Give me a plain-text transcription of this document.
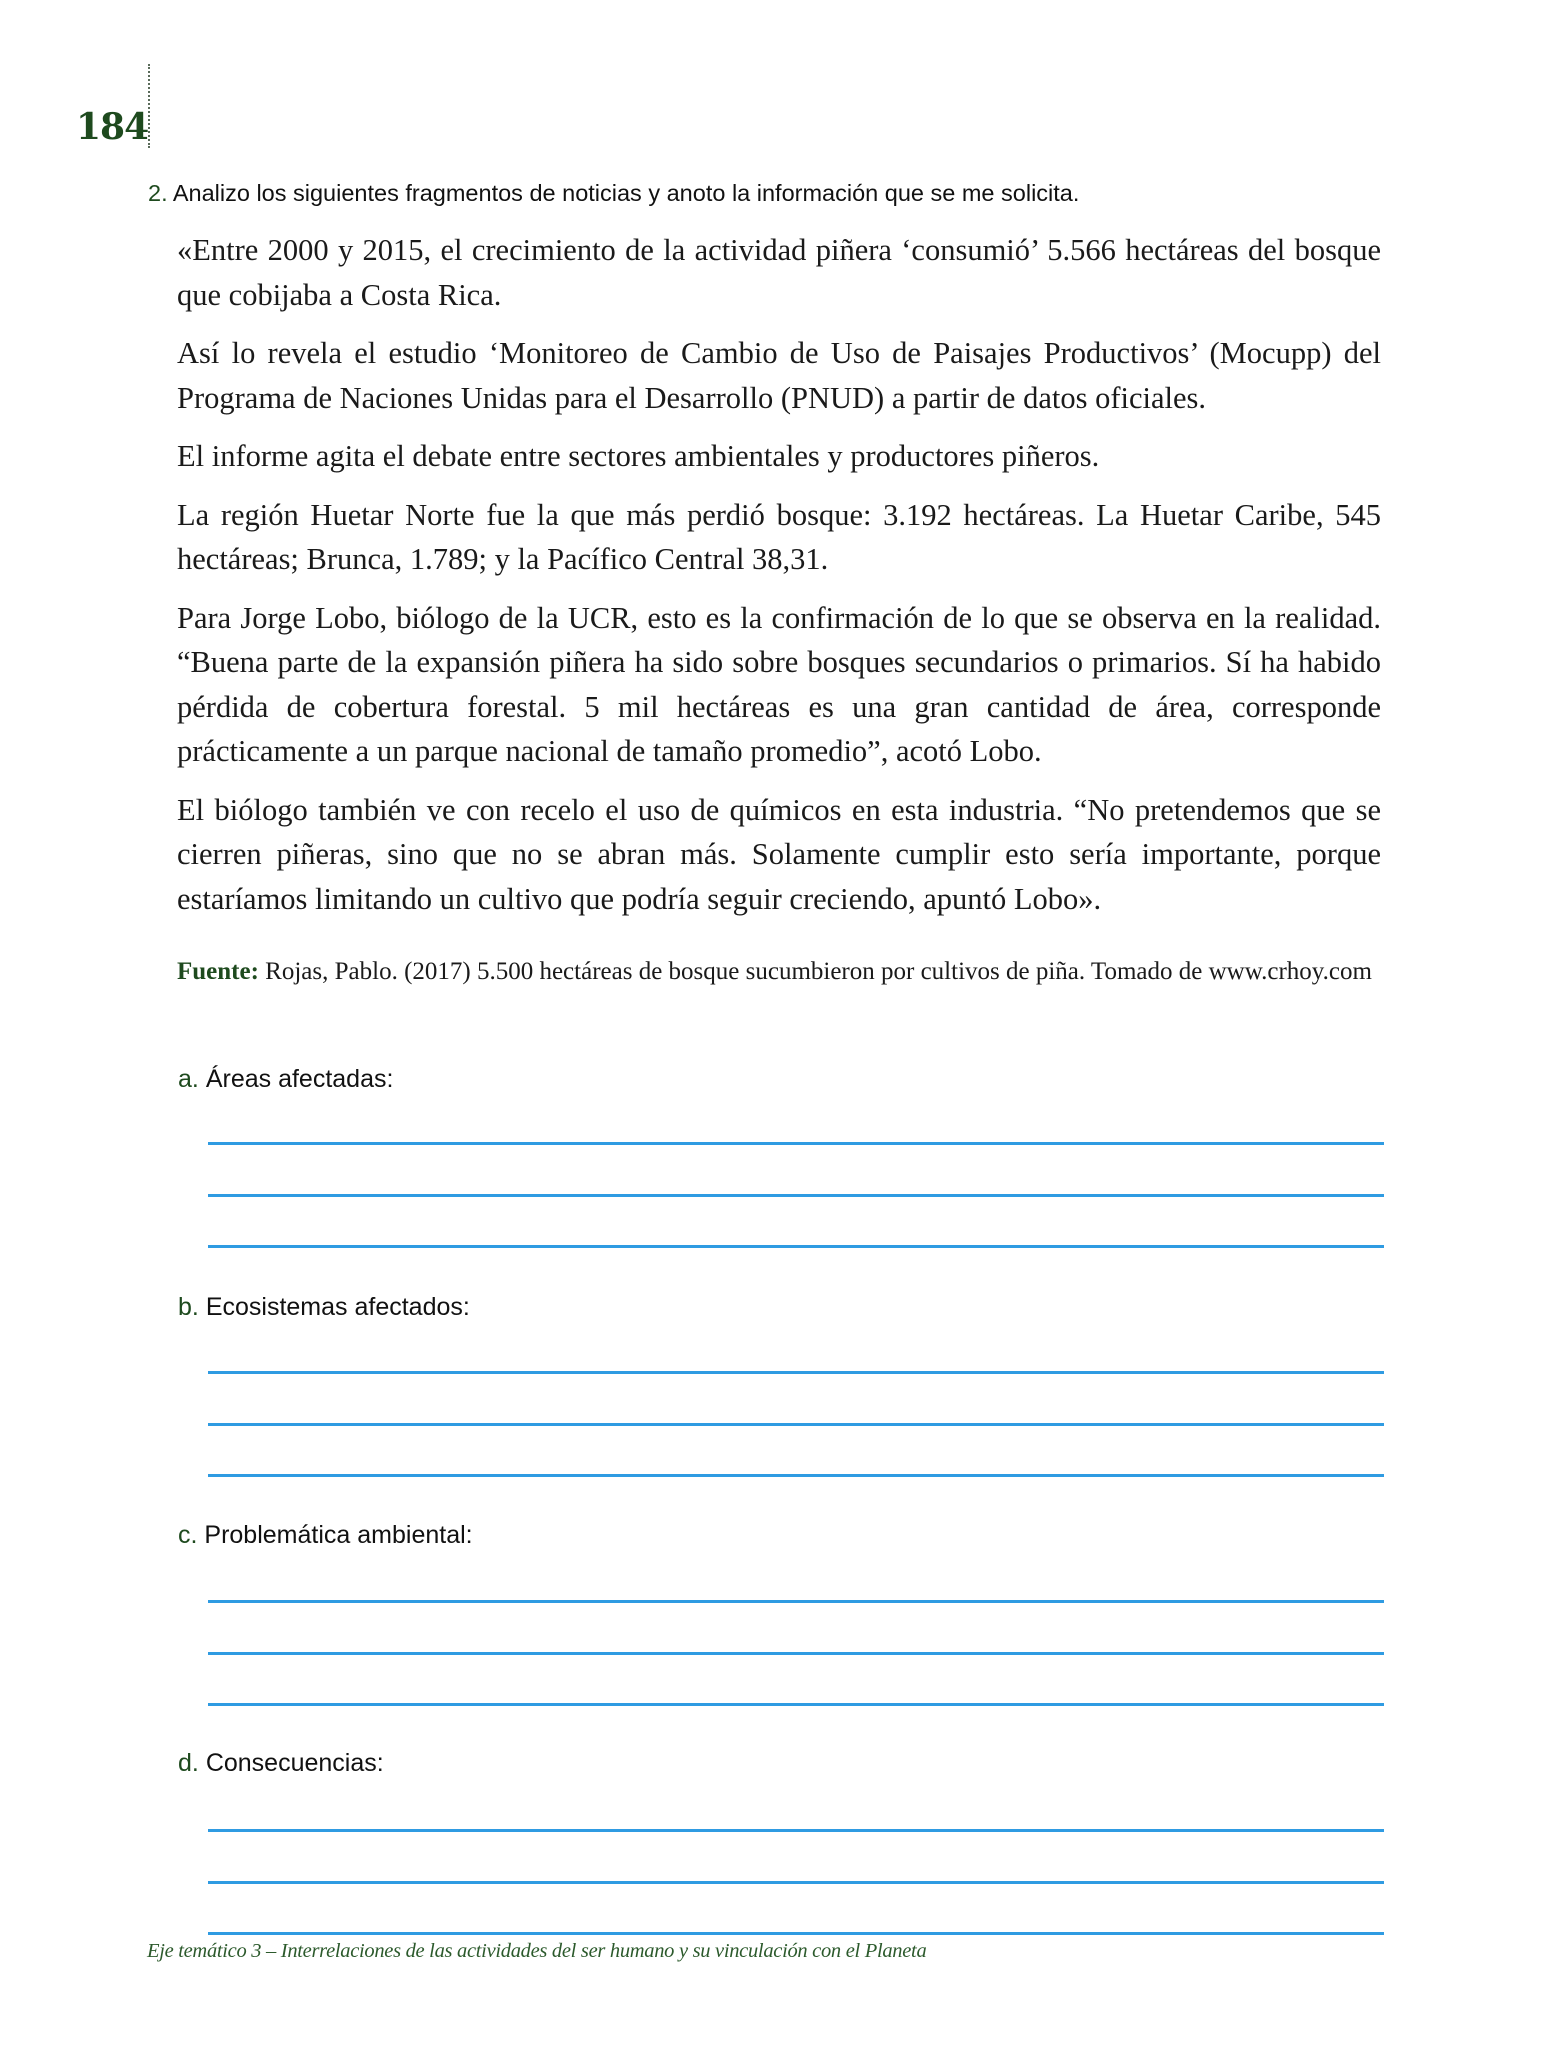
184
2. Analizo los siguientes fragmentos de noticias y anoto la información que se me solicita.

«Entre 2000 y 2015, el crecimiento de la actividad piñera ‘consumió’ 5.566 hectáreas del bosque que cobijaba a Costa Rica.

Así lo revela el estudio ‘Monitoreo de Cambio de Uso de Paisajes Productivos’ (Mocupp) del Programa de Naciones Unidas para el Desarrollo (PNUD) a partir de datos oficiales.

El informe agita el debate entre sectores ambientales y productores piñeros.

La región Huetar Norte fue la que más perdió bosque: 3.192 hectáreas. La Huetar Caribe, 545 hectáreas; Brunca, 1.789; y la Pacífico Central 38,31.

Para Jorge Lobo, biólogo de la UCR, esto es la confirmación de lo que se observa en la realidad. “Buena parte de la expansión piñera ha sido sobre bosques secundarios o primarios. Sí ha habido pérdida de cobertura forestal. 5 mil hectáreas es una gran cantidad de área, corresponde prácticamente a un parque nacional de tamaño promedio”, acotó Lobo.

El biólogo también ve con recelo el uso de químicos en esta industria. “No pretendemos que se cierren piñeras, sino que no se abran más. Solamente cumplir esto sería importante, porque estaríamos limitando un cultivo que podría seguir creciendo, apuntó Lobo».

Fuente: Rojas, Pablo. (2017) 5.500 hectáreas de bosque sucumbieron por cultivos de piña. Tomado de www.crhoy.com
a. Áreas afectadas:
b. Ecosistemas afectados:
c. Problemática ambiental:
d. Consecuencias:
Eje temático 3 – Interrelaciones de las actividades del ser humano y su vinculación con el Planeta
